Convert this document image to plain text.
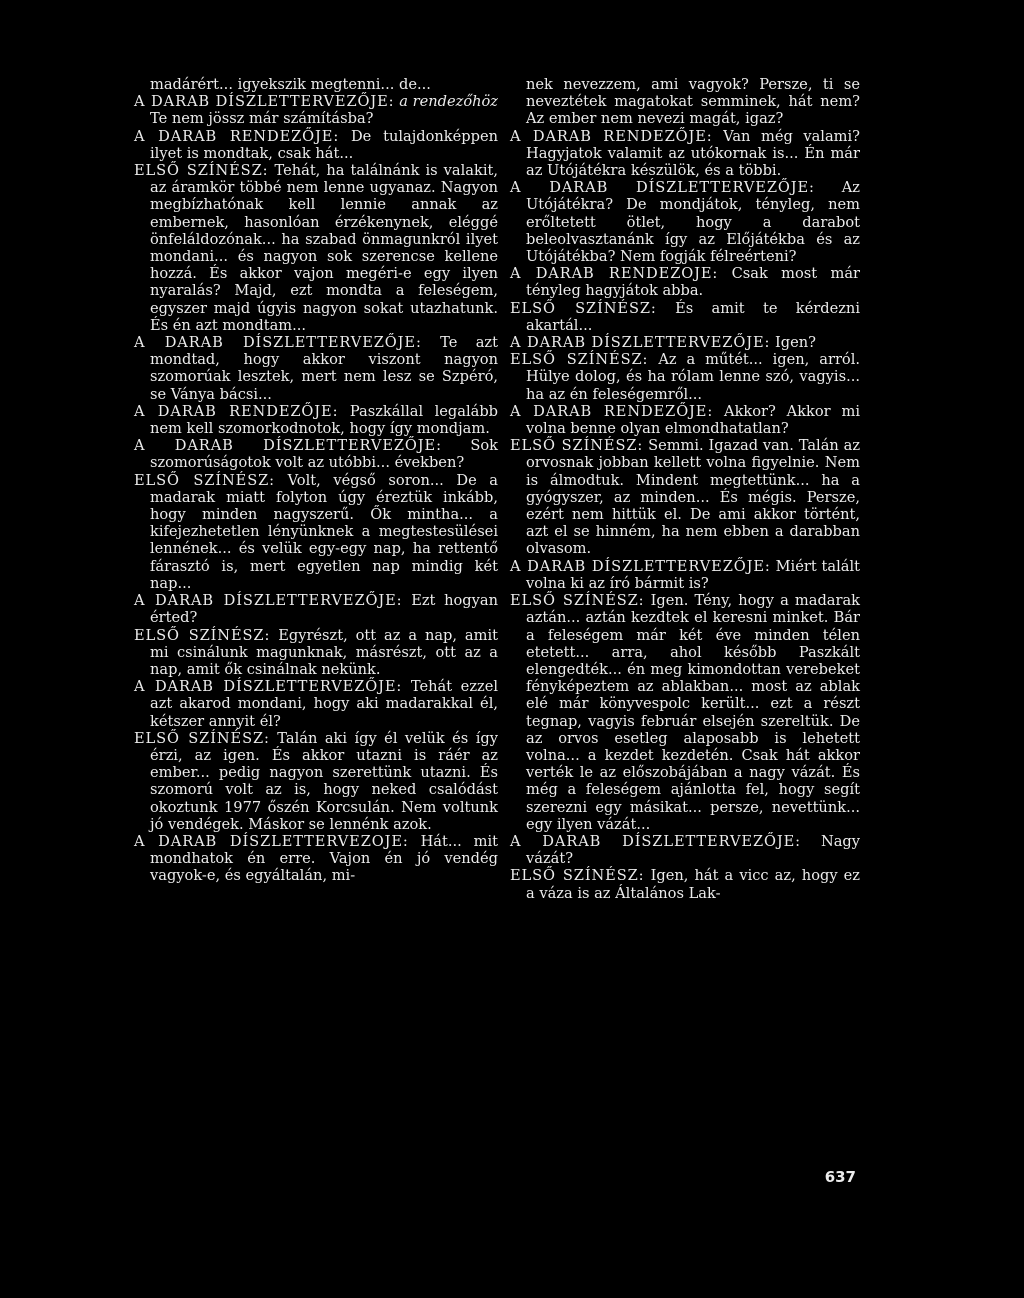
madárért... igyekszik megtenni... de...

A DARAB DÍSZLETTERVEZŐJE: a rendezőhöz Te nem jössz már számításba?

A DARAB RENDEZŐJE: De tulajdonképpen ilyet is mondtak, csak hát...

ELSŐ SZÍNÉSZ: Tehát, ha találnánk is valakit, az áramkör többé nem lenne ugyanaz. Nagyon megbízhatónak kell lennie annak az embernek, hasonlóan érzékenynek, eléggé önfeláldozónak... ha szabad önmagunkról ilyet mondani... és nagyon sok szerencse kellene hozzá. És akkor vajon megéri-e egy ilyen nyaralás? Majd, ezt mondta a feleségem, egyszer majd úgyis nagyon sokat utazhatunk. És én azt mondtam...

A DARAB DÍSZLETTERVEZŐJE: Te azt mondtad, hogy akkor viszont nagyon szomorúak lesztek, mert nem lesz se Szpéró, se Ványa bácsi...

A DARAB RENDEZŐJE: Paszkállal legalább nem kell szomorkodnotok, hogy így mondjam.

A DARAB DÍSZLETTERVEZŐJE: Sok szomorúságotok volt az utóbbi... években?

ELSŐ SZÍNÉSZ: Volt, végső soron... De a madarak miatt folyton úgy éreztük inkább, hogy minden nagyszerű. Ők mintha... a kifejezhetetlen lényünknek a megtestesülései lennének... és velük egy-egy nap, ha rettentő fárasztó is, mert egyetlen nap mindig két nap...

A DARAB DÍSZLETTERVEZŐJE: Ezt hogyan érted?

ELSŐ SZÍNÉSZ: Egyrészt, ott az a nap, amit mi csinálunk magunknak, másrészt, ott az a nap, amit ők csinálnak nekünk.

A DARAB DÍSZLETTERVEZŐJE: Tehát ezzel azt akarod mondani, hogy aki madarakkal él, kétszer annyit él?

ELSŐ SZÍNÉSZ: Talán aki így él velük és így érzi, az igen. És akkor utazni is ráér az ember... pedig nagyon szerettünk utazni. És szomorú volt az is, hogy neked csalódást okoztunk 1977 őszén Korcsulán. Nem voltunk jó vendégek. Máskor se lennénk azok.

A DARAB DÍSZLETTERVEZOJE: Hát... mit mondhatok én erre. Vajon én jó vendég vagyok-e, és egyáltalán, mi-

nek nevezzem, ami vagyok? Persze, ti se neveztétek magatokat semminek, hát nem? Az ember nem nevezi magát, igaz?

A DARAB RENDEZŐJE: Van még valami? Hagyjatok valamit az utókornak is... Én már az Utójátékra készülök, és a többi.

A DARAB DÍSZLETTERVEZŐJE: Az Utójátékra? De mondjátok, tényleg, nem erőltetett ötlet, hogy a darabot beleolvasztanánk így az Előjátékba és az Utójátékba? Nem fogják félreérteni?

A DARAB RENDEZOJE: Csak most már tényleg hagyjátok abba.

ELSŐ SZÍNÉSZ: És amit te kérdezni akartál...

A DARAB DÍSZLETTERVEZŐJE: Igen?

ELSŐ SZÍNÉSZ: Az a műtét... igen, arról. Hülye dolog, és ha rólam lenne szó, vagyis... ha az én feleségemről...

A DARAB RENDEZŐJE: Akkor? Akkor mi volna benne olyan elmondhatatlan?

ELSŐ SZÍNÉSZ: Semmi. Igazad van. Talán az orvosnak jobban kellett volna figyelnie. Nem is álmodtuk. Mindent megtettünk... ha a gyógyszer, az minden... És mégis. Persze, ezért nem hittük el. De ami akkor történt, azt el se hinném, ha nem ebben a darabban olvasom.

A DARAB DÍSZLETTERVEZŐJE: Miért talált volna ki az író bármit is?

ELSŐ SZÍNÉSZ: Igen. Tény, hogy a madarak aztán... aztán kezdtek el keresni minket. Bár a feleségem már két éve minden télen etetett... arra, ahol később Paszkált elengedték... én meg kimondottan verebeket fényképeztem az ablakban... most az ablak elé már könyvespolc került... ezt a részt tegnap, vagyis február elsején szereltük. De az orvos esetleg alaposabb is lehetett volna... a kezdet kezdetén. Csak hát akkor verték le az előszobájában a nagy vázát. És még a feleségem ajánlotta fel, hogy segít szerezni egy másikat... persze, nevettünk... egy ilyen vázát...

A DARAB DÍSZLETTERVEZŐJE: Nagy vázát?

ELSŐ SZÍNÉSZ: Igen, hát a vicc az, hogy ez a váza is az Általános Lak-

637
